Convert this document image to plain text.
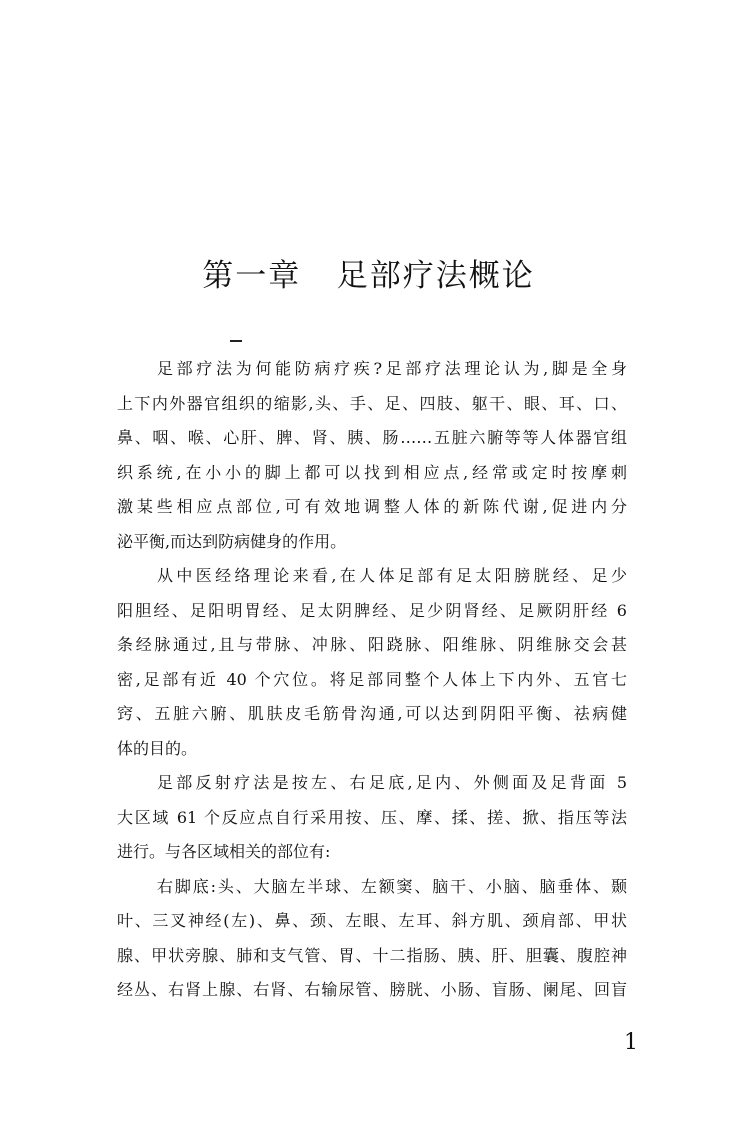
第一章   足部疗法概论
足部疗法为何能防病疗疾?足部疗法理论认为,脚是全身
上下内外器官组织的缩影,头、手、足、四肢、躯干、眼、耳、口、
鼻、咽、喉、心肝、脾、肾、胰、肠……五脏六腑等等人体器官组
织系统,在小小的脚上都可以找到相应点,经常或定时按摩刺
激某些相应点部位,可有效地调整人体的新陈代谢,促进内分
泌平衡,而达到防病健身的作用。
从中医经络理论来看,在人体足部有足太阳膀胱经、足少
阳胆经、足阳明胃经、足太阴脾经、足少阴肾经、足厥阴肝经 6
条经脉通过,且与带脉、冲脉、阳跷脉、阳维脉、阴维脉交会甚
密,足部有近 40 个穴位。将足部同整个人体上下内外、五官七
窍、五脏六腑、肌肤皮毛筋骨沟通,可以达到阴阳平衡、祛病健
体的目的。
足部反射疗法是按左、右足底,足内、外侧面及足背面 5
大区域 61 个反应点自行采用按、压、摩、揉、搓、掀、指压等法
进行。与各区域相关的部位有:
右脚底:头、大脑左半球、左额窦、脑干、小脑、脑垂体、颞
叶、三叉神经(左)、鼻、颈、左眼、左耳、斜方肌、颈肩部、甲状
腺、甲状旁腺、肺和支气管、胃、十二指肠、胰、肝、胆囊、腹腔神
经丛、右肾上腺、右肾、右输尿管、膀胱、小肠、盲肠、阑尾、回盲
1
